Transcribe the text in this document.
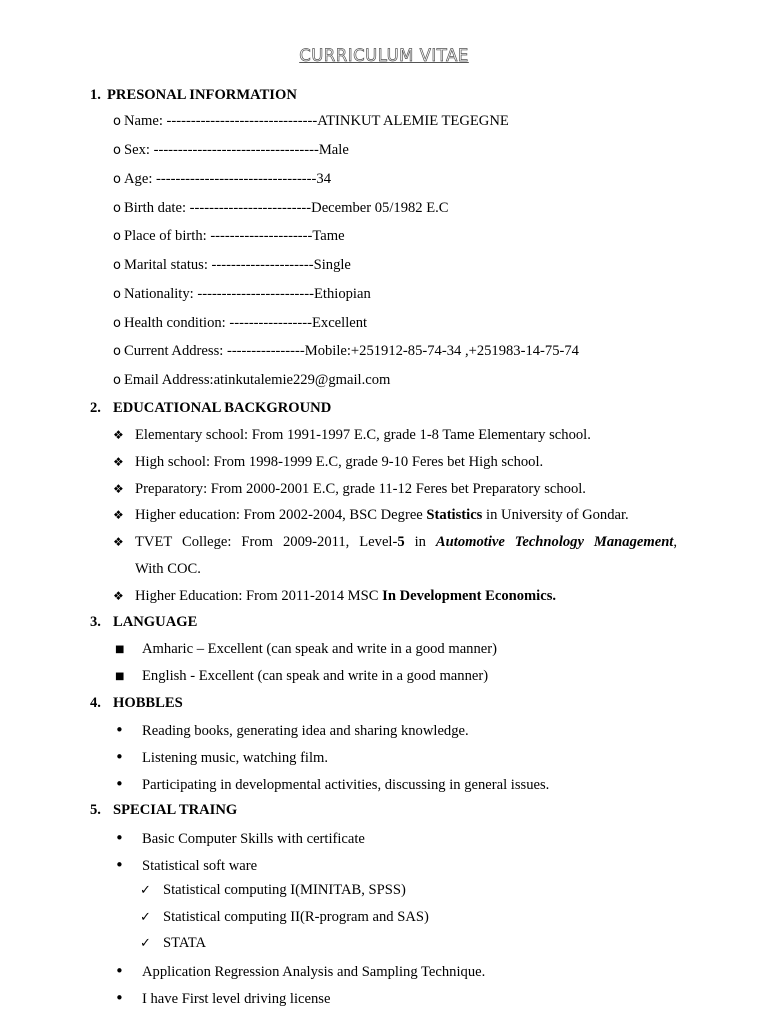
CURRICULUM VITAE
1. PRESONAL INFORMATION
o Name: -------------------------------ATINKUT ALEMIE TEGEGNE
o Sex: ----------------------------------Male
o Age: ---------------------------------34
o Birth date: -------------------------December 05/1982 E.C
o Place of birth: ---------------------Tame
o Marital status: ---------------------Single
o Nationality: ------------------------Ethiopian
o Health condition: -----------------Excellent
o Current Address: ----------------Mobile:+251912-85-74-34 ,+251983-14-75-74
o Email Address:atinkutalemie229@gmail.com
2. EDUCATIONAL BACKGROUND
❖ Elementary school: From 1991-1997 E.C, grade 1-8 Tame Elementary school.
❖ High school: From 1998-1999 E.C, grade 9-10 Feres bet High school.
❖ Preparatory: From 2000-2001 E.C, grade 11-12 Feres bet Preparatory school.
❖ Higher education: From 2002-2004, BSC Degree Statistics in University of Gondar.
❖ TVET College: From 2009-2011, Level-5 in Automotive Technology Management,
With COC.
❖ Higher Education: From 2011-2014 MSC In Development Economics.
3. LANGUAGE
■ Amharic – Excellent (can speak and write in a good manner)
■ English - Excellent (can speak and write in a good manner)
4. HOBBLES
• Reading books, generating idea and sharing knowledge.
• Listening music, watching film.
• Participating in developmental activities, discussing in general issues.
5. SPECIAL TRAING
• Basic Computer Skills with certificate
• Statistical soft ware
✓ Statistical computing I(MINITAB, SPSS)
✓ Statistical computing II(R-program and SAS)
✓ STATA
• Application Regression Analysis and Sampling Technique.
• I have First level driving license
